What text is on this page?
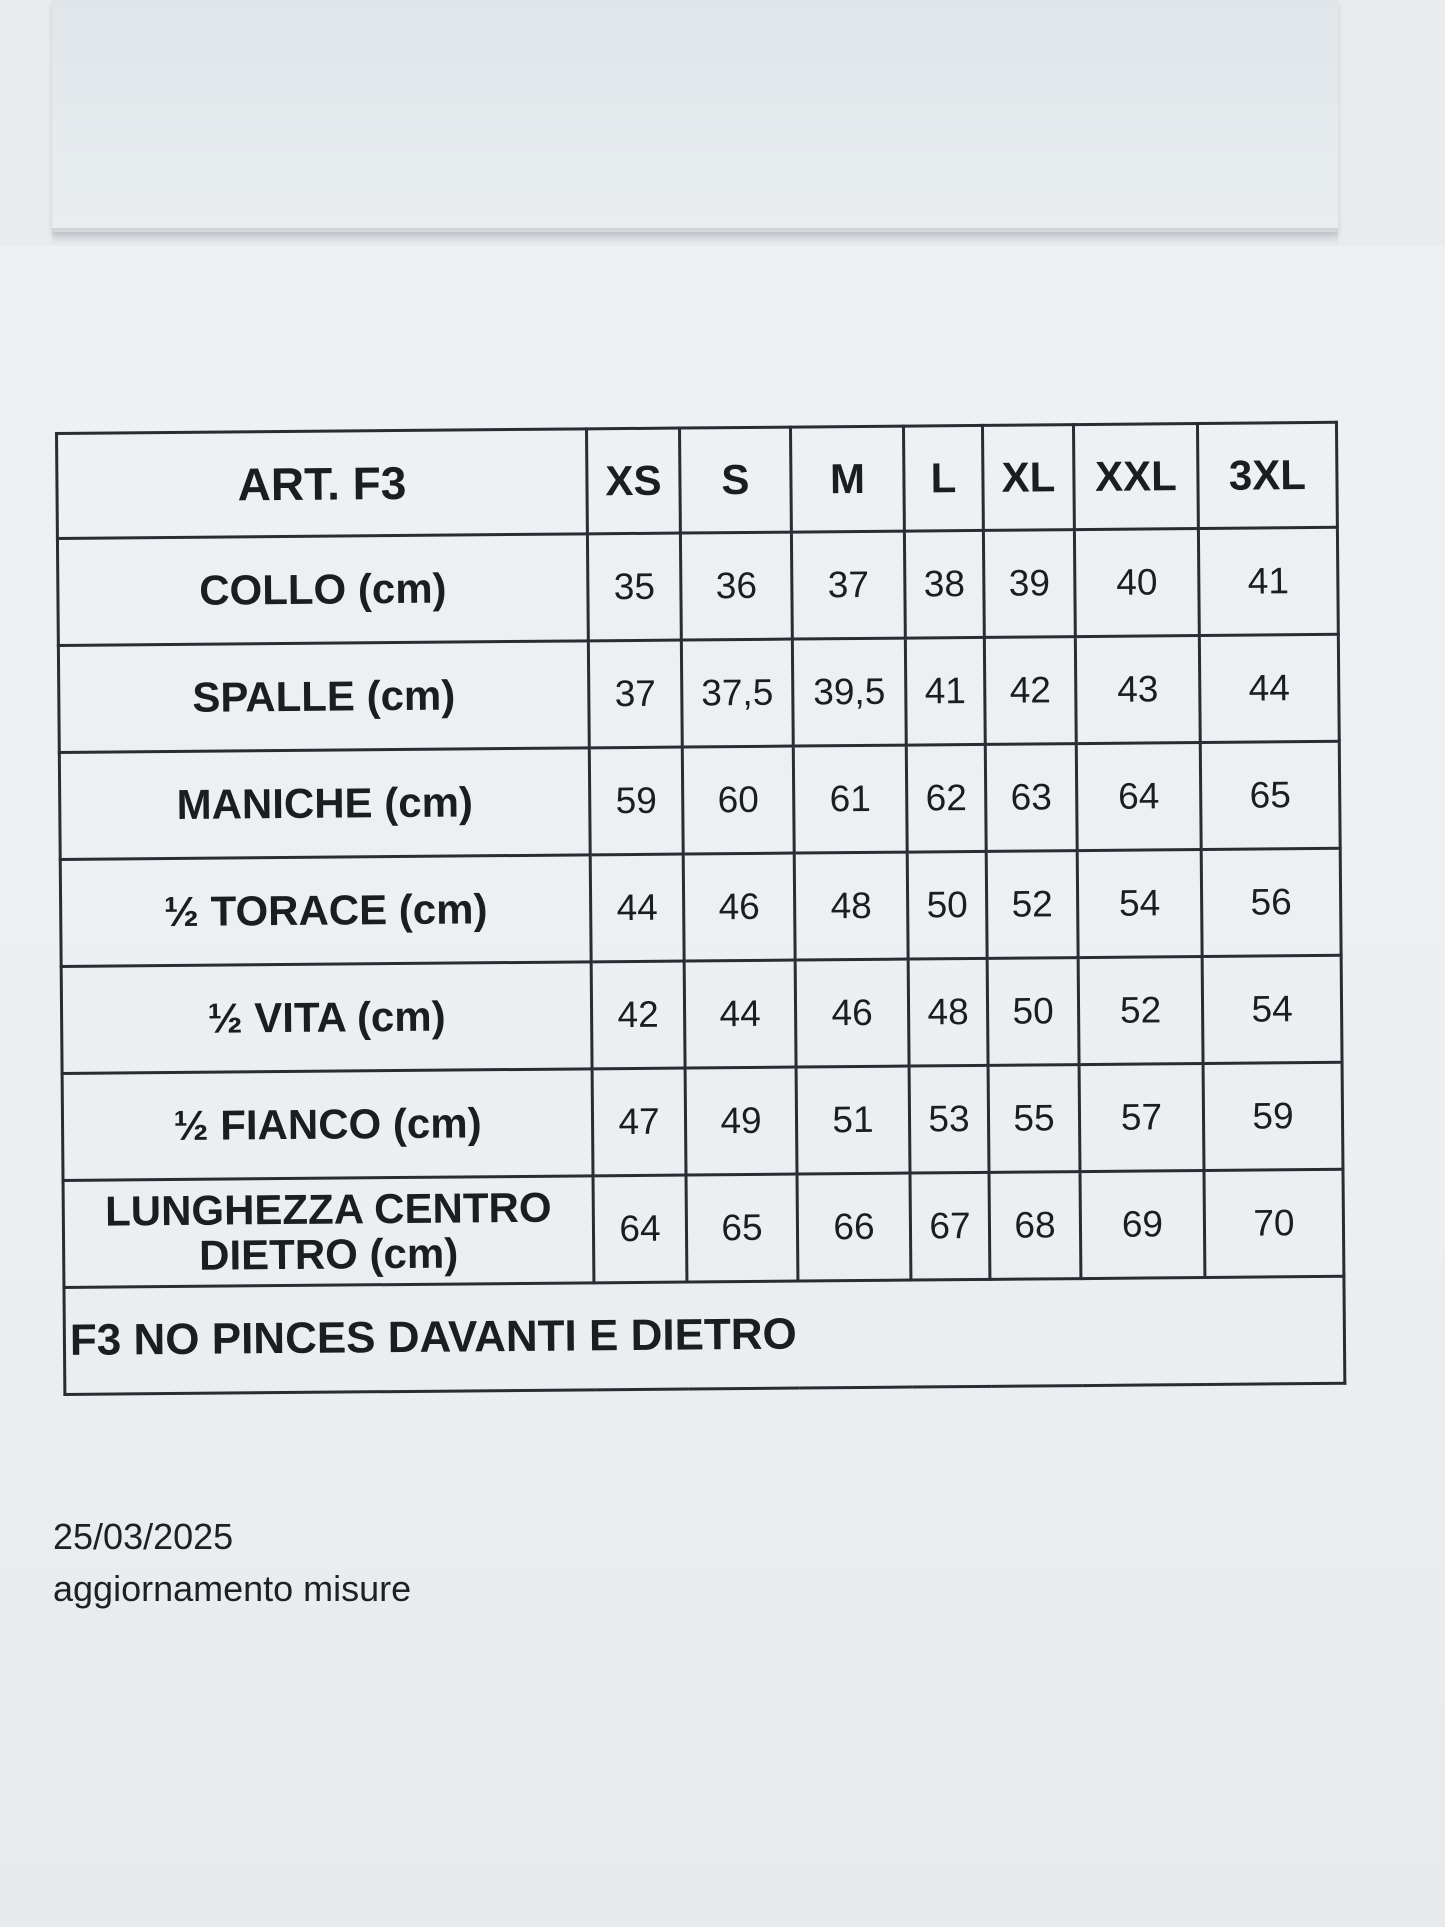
ART. F3	XS	S	M	L	XL	XXL	3XL
COLLO (cm)	35	36	37	38	39	40	41
SPALLE (cm)	37	37,5	39,5	41	42	43	44
MANICHE (cm)	59	60	61	62	63	64	65
½ TORACE (cm)	44	46	48	50	52	54	56
½ VITA (cm)	42	44	46	48	50	52	54
½ FIANCO (cm)	47	49	51	53	55	57	59
LUNGHEZZA CENTRO
DIETRO (cm)	64	65	66	67	68	69	70
F3 NO PINCES DAVANTI E DIETRO							
25/03/2025
aggiornamento misure
